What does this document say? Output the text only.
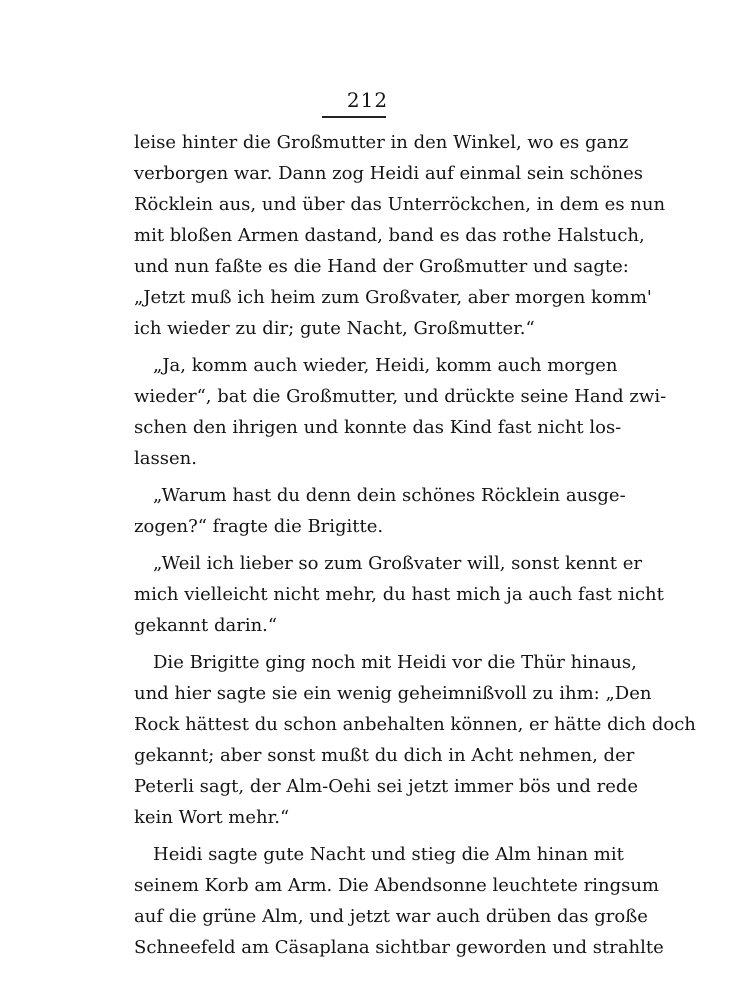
212
leise hinter die Großmutter in den Winkel, wo es ganz
verborgen war. Dann zog Heidi auf einmal sein schönes
Röcklein aus, und über das Unterröckchen, in dem es nun
mit bloßen Armen dastand, band es das rothe Halstuch,
und nun faßte es die Hand der Großmutter und sagte:
„Jetzt muß ich heim zum Großvater, aber morgen komm'
ich wieder zu dir; gute Nacht, Großmutter.“
„Ja, komm auch wieder, Heidi, komm auch morgen
wieder“, bat die Großmutter, und drückte seine Hand zwi-
schen den ihrigen und konnte das Kind fast nicht los-
lassen.
„Warum hast du denn dein schönes Röcklein ausge-
zogen?“ fragte die Brigitte.
„Weil ich lieber so zum Großvater will, sonst kennt er
mich vielleicht nicht mehr, du hast mich ja auch fast nicht
gekannt darin.“
Die Brigitte ging noch mit Heidi vor die Thür hinaus,
und hier sagte sie ein wenig geheimnißvoll zu ihm: „Den
Rock hättest du schon anbehalten können, er hätte dich doch
gekannt; aber sonst mußt du dich in Acht nehmen, der
Peterli sagt, der Alm-Oehi sei jetzt immer bös und rede
kein Wort mehr.“
Heidi sagte gute Nacht und stieg die Alm hinan mit
seinem Korb am Arm. Die Abendsonne leuchtete ringsum
auf die grüne Alm, und jetzt war auch drüben das große
Schneefeld am Cäsaplana sichtbar geworden und strahlte
